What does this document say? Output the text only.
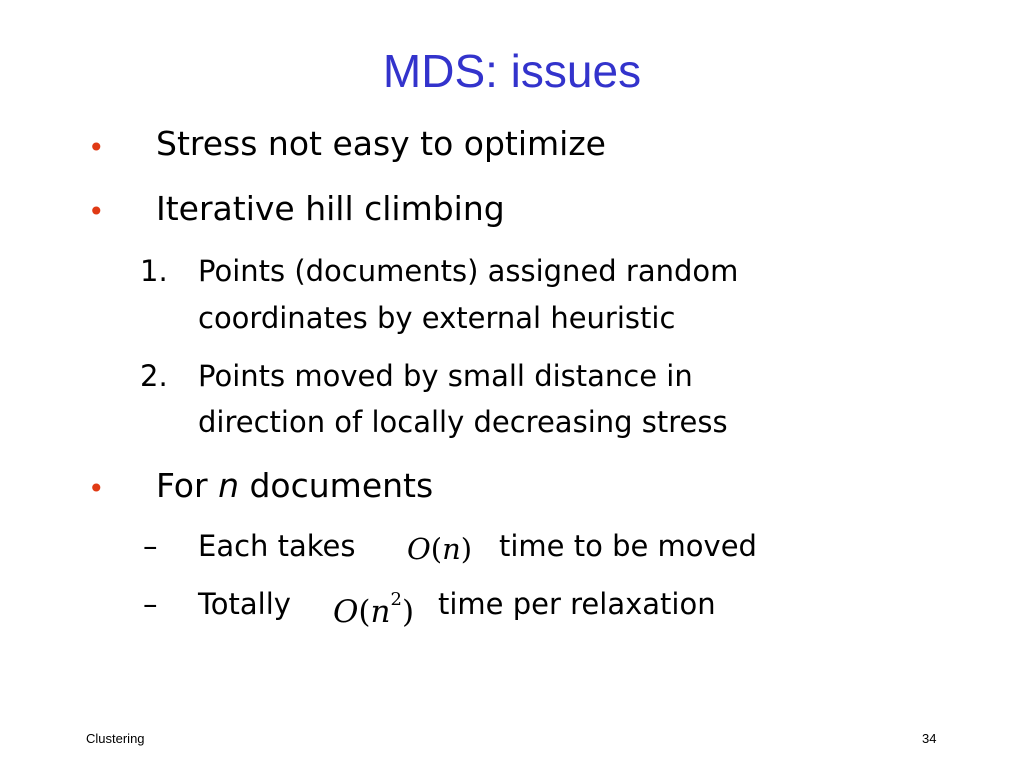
MDS: issues
• Stress not easy to optimize
• Iterative hill climbing
1. Points (documents) assigned random
coordinates by external heuristic
2. Points moved by small distance in
direction of locally decreasing stress
• For n documents
– Each takes O(n) time to be moved
– Totally $O(n^2)$ time per relaxation
Clustering	34
